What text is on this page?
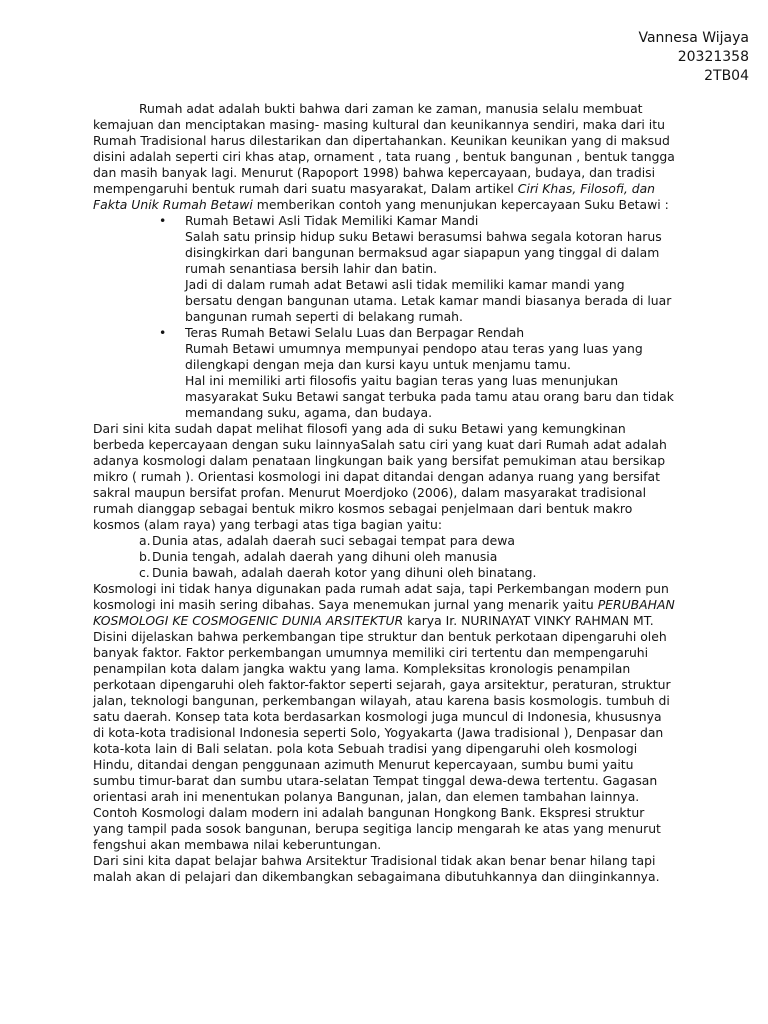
Vannesa Wijaya
20321358
2TB04

Rumah adat adalah bukti bahwa dari zaman ke zaman, manusia selalu membuat kemajuan dan menciptakan masing- masing kultural dan keunikannya sendiri, maka dari itu Rumah Tradisional harus dilestarikan dan dipertahankan. Keunikan keunikan yang di maksud disini adalah seperti ciri khas atap, ornament , tata ruang , bentuk bangunan , bentuk tangga dan masih banyak lagi. Menurut (Rapoport 1998) bahwa kepercayaan, budaya, dan tradisi mempengaruhi bentuk rumah dari suatu masyarakat, Dalam artikel Ciri Khas, Filosofi, dan Fakta Unik Rumah Betawi memberikan contoh yang menunjukan kepercayaan Suku Betawi :

• Rumah Betawi Asli Tidak Memiliki Kamar Mandi

Salah satu prinsip hidup suku Betawi berasumsi bahwa segala kotoran harus disingkirkan dari bangunan bermaksud agar siapapun yang tinggal di dalam rumah senantiasa bersih lahir dan batin.

Jadi di dalam rumah adat Betawi asli tidak memiliki kamar mandi yang bersatu dengan bangunan utama. Letak kamar mandi biasanya berada di luar bangunan rumah seperti di belakang rumah.

• Teras Rumah Betawi Selalu Luas dan Berpagar Rendah

Rumah Betawi umumnya mempunyai pendopo atau teras yang luas yang dilengkapi dengan meja dan kursi kayu untuk menjamu tamu.

Hal ini memiliki arti filosofis yaitu bagian teras yang luas menunjukan masyarakat Suku Betawi sangat terbuka pada tamu atau orang baru dan tidak memandang suku, agama, dan budaya.

Dari sini kita sudah dapat melihat filosofi yang ada di suku Betawi yang kemungkinan berbeda kepercayaan dengan suku lainnyaSalah satu ciri yang kuat dari Rumah adat adalah adanya kosmologi dalam penataan lingkungan baik yang bersifat pemukiman atau bersikap mikro ( rumah ). Orientasi kosmologi ini dapat ditandai dengan adanya ruang yang bersifat sakral maupun bersifat profan. Menurut Moerdjoko (2006), dalam masyarakat tradisional rumah dianggap sebagai bentuk mikro kosmos sebagai penjelmaan dari bentuk makro kosmos (alam raya) yang terbagi atas tiga bagian yaitu:

a. Dunia atas, adalah daerah suci sebagai tempat para dewa
b. Dunia tengah, adalah daerah yang dihuni oleh manusia
c. Dunia bawah, adalah daerah kotor yang dihuni oleh binatang.

Kosmologi ini tidak hanya digunakan pada rumah adat saja, tapi Perkembangan modern pun kosmologi ini masih sering dibahas. Saya menemukan jurnal yang menarik yaitu PERUBAHAN KOSMOLOGI KE COSMOGENIC DUNIA ARSITEKTUR karya Ir. NURINAYAT VINKY RAHMAN MT. Disini dijelaskan bahwa perkembangan tipe struktur dan bentuk perkotaan dipengaruhi oleh banyak faktor. Faktor perkembangan umumnya memiliki ciri tertentu dan mempengaruhi penampilan kota dalam jangka waktu yang lama. Kompleksitas kronologis penampilan perkotaan dipengaruhi oleh faktor-faktor seperti sejarah, gaya arsitektur, peraturan, struktur jalan, teknologi bangunan, perkembangan wilayah, atau karena basis kosmologis. tumbuh di satu daerah. Konsep tata kota berdasarkan kosmologi juga muncul di Indonesia, khususnya di kota-kota tradisional Indonesia seperti Solo, Yogyakarta (Jawa tradisional ), Denpasar dan kota-kota lain di Bali selatan. pola kota Sebuah tradisi yang dipengaruhi oleh kosmologi Hindu, ditandai dengan penggunaan azimuth Menurut kepercayaan, sumbu bumi yaitu sumbu timur-barat dan sumbu utara-selatan Tempat tinggal dewa-dewa tertentu. Gagasan orientasi arah ini menentukan polanya Bangunan, jalan, dan elemen tambahan lainnya.

Contoh Kosmologi dalam modern ini adalah bangunan Hongkong Bank. Ekspresi struktur yang tampil pada sosok bangunan, berupa segitiga lancip mengarah ke atas yang menurut fengshui akan membawa nilai keberuntungan.

Dari sini kita dapat belajar bahwa Arsitektur Tradisional tidak akan benar benar hilang tapi malah akan di pelajari dan dikembangkan sebagaimana dibutuhkannya dan diinginkannya.
